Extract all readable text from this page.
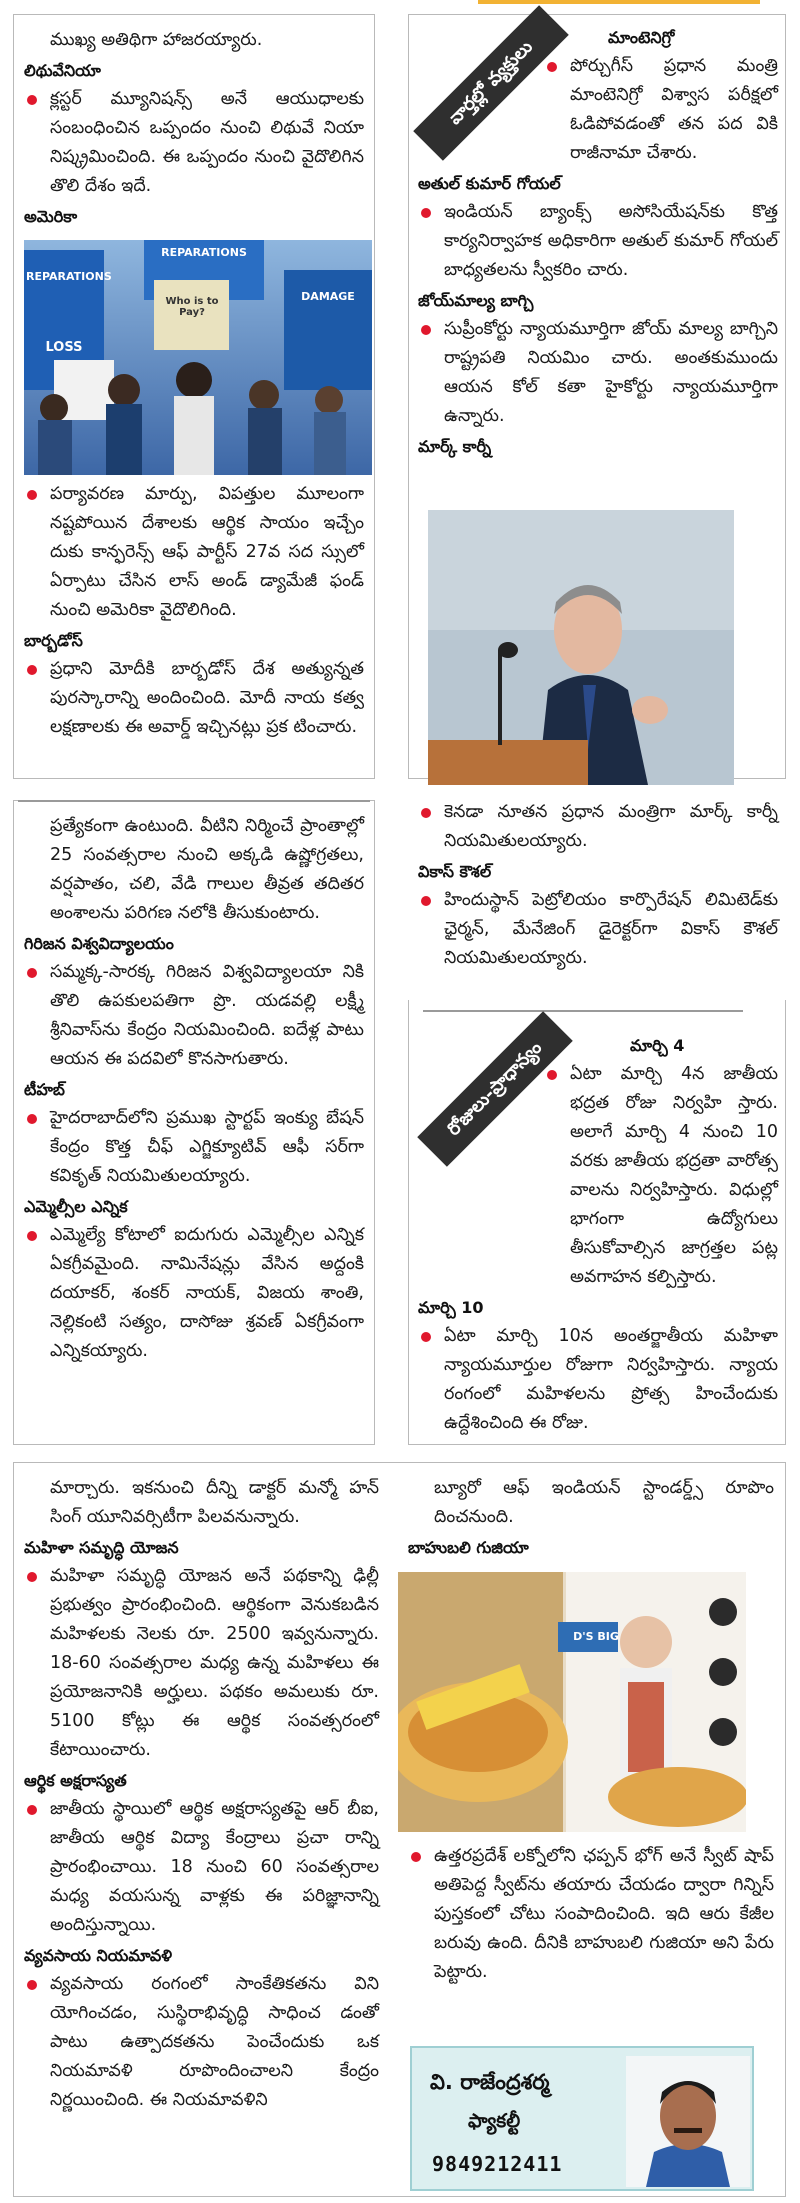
ముఖ్య అతిథిగా హాజరయ్యారు.

లిథువేనియా

క్లస్టర్ మ్యూనిషన్స్ అనే ఆయుధాలకు సంబంధించిన ఒప్పందం నుంచి లిథువే నియా నిష్క్రమించింది. ఈ ఒప్పందం నుంచి వైదొలిగిన తొలి దేశం ఇదే.

అమెరికా
REPARATIONS
LOSS
REPARATIONS
Who is to Pay?
DAMAGE

పర్యావరణ మార్పు, విపత్తుల మూలంగా నష్టపోయిన దేశాలకు ఆర్థిక సాయం ఇచ్చేం దుకు కాన్ఫరెన్స్ ఆఫ్ పార్టీస్ 27వ సద స్సులో ఏర్పాటు చేసిన లాస్ అండ్ డ్యామేజీ ఫండ్ నుంచి అమెరికా వైదొలిగింది.

బార్బడోస్

ప్రధాని మోదీకి బార్బడోస్ దేశ అత్యున్నత పురస్కారాన్ని అందించింది. మోదీ నాయ కత్వ లక్షణాలకు ఈ అవార్డ్ ఇచ్చినట్లు ప్రక టించారు.

వార్తల్లో వ్యక్తులు	మాంటెనిగ్రో

పోర్చుగీస్ ప్రధాన మంత్రి మాంటెనిగ్రో విశ్వాస పరీక్షలో ఓడిపోవడంతో తన పద వికి రాజీనామా చేశారు.

అతుల్ కుమార్ గోయల్

ఇండియన్ బ్యాంక్స్ అసోసియేషన్‌కు కొత్త కార్యనిర్వాహక అధికారిగా అతుల్ కుమార్ గోయల్ బాధ్యతలను స్వీకరిం చారు.

జోయ్‌మాల్య బాగ్చి

సుప్రీంకోర్టు న్యాయమూర్తిగా జోయ్ మాల్య బాగ్చిని రాష్ట్రపతి నియమిం చారు. అంతకుముందు ఆయన కోల్ కతా హైకోర్టు న్యాయమూర్తిగా ఉన్నారు.

మార్క్ కార్నీ

కెనడా నూతన ప్రధాన మంత్రిగా మార్క్ కార్నీ నియమితులయ్యారు.

వికాస్ కౌశల్

హిందుస్థాన్ పెట్రోలియం కార్పొరేషన్ లిమిటెడ్‌కు ఛైర్మన్, మేనేజింగ్ డైరెక్టర్‌గా వికాస్ కౌశల్ నియమితులయ్యారు.

ప్రత్యేకంగా ఉంటుంది. వీటిని నిర్మించే ప్రాంతాల్లో 25 సంవత్సరాల నుంచి అక్కడి ఉష్ణోగ్రతలు, వర్షపాతం, చలి, వేడి గాలుల తీవ్రత తదితర అంశాలను పరిగణ నలోకి తీసుకుంటారు.

గిరిజన విశ్వవిద్యాలయం

సమ్మక్క-సారక్క గిరిజన విశ్వవిద్యాలయా నికి తొలి ఉపకులపతిగా ప్రొ. యడవల్లి లక్ష్మీ శ్రీనివాస్‌ను కేంద్రం నియమించింది. ఐదేళ్ల పాటు ఆయన ఈ పదవిలో కొనసాగుతారు.

టీహబ్

హైదరాబాద్‌లోని ప్రముఖ స్టార్టప్ ఇంక్యు బేషన్ కేంద్రం కొత్త చీఫ్ ఎగ్జిక్యూటివ్ ఆఫీ సర్‌గా కవికృత్ నియమితులయ్యారు.

ఎమ్మెల్సీల ఎన్నిక

ఎమ్మెల్యే కోటాలో ఐదుగురు ఎమ్మెల్సీల ఎన్నిక ఏకగ్రీవమైంది. నామినేషన్లు వేసిన అద్దంకి దయాకర్, శంకర్ నాయక్, విజయ శాంతి, నెల్లికంటి సత్యం, దాసోజు శ్రవణ్ ఏకగ్రీవంగా ఎన్నికయ్యారు.

రోజులు-ప్రాధాన్యం	మార్చి 4

ఏటా మార్చి 4న జాతీయ భద్రత రోజు నిర్వహి స్తారు. అలాగే మార్చి 4 నుంచి 10 వరకు జాతీయ భద్రతా వారోత్స వాలను నిర్వహిస్తారు. విధుల్లో భాగంగా ఉద్యోగులు తీసుకోవాల్సిన జాగ్రత్తల పట్ల అవగాహన కల్పిస్తారు.

మార్చి 10

ఏటా మార్చి 10న అంతర్జాతీయ మహిళా న్యాయమూర్తుల రోజుగా నిర్వహిస్తారు. న్యాయ రంగంలో మహిళలను ప్రోత్స హించేందుకు ఉద్దేశించింది ఈ రోజు.

మార్చారు. ఇకనుంచి దీన్ని డాక్టర్ మన్మో హన్ సింగ్ యూనివర్సిటీగా పిలవనున్నారు.

మహిళా సమృద్ధి యోజన

మహిళా సమృద్ధి యోజన అనే పథకాన్ని ఢిల్లీ ప్రభుత్వం ప్రారంభించింది. ఆర్థికంగా వెనుకబడిన మహిళలకు నెలకు రూ. 2500 ఇవ్వనున్నారు. 18-60 సంవత్సరాల మధ్య ఉన్న మహిళలు ఈ ప్రయోజనానికి అర్హులు. పథకం అమలుకు రూ. 5100 కోట్లు ఈ ఆర్థిక సంవత్సరంలో కేటాయించారు.

ఆర్థిక అక్షరాస్యత

జాతీయ స్థాయిలో ఆర్థిక అక్షరాస్యతపై ఆర్ బీఐ, జాతీయ ఆర్థిక విద్యా కేంద్రాలు ప్రచా రాన్ని ప్రారంభించాయి. 18 నుంచి 60 సంవత్సరాల మధ్య వయసున్న వాళ్లకు ఈ పరిజ్ఞానాన్ని అందిస్తున్నాయి.

వ్యవసాయ నియమావళి

వ్యవసాయ రంగంలో సాంకేతికతను విని యోగించడం, సుస్థిరాభివృద్ధి సాధించ డంతో పాటు ఉత్పాదకతను పెంచేందుకు ఒక నియమావళి రూపొందించాలని కేంద్రం నిర్ణయించింది. ఈ నియమావళిని

బ్యూరో ఆఫ్ ఇండియన్ స్టాండర్డ్స్ రూపొం దించనుంది.

బాహుబలి గుజియా
D'S BIG

ఉత్తరప్రదేశ్ లక్నోలోని ఛప్పన్ భోగ్ అనే స్వీట్ షాప్ అతిపెద్ద స్వీట్‌ను తయారు చేయడం ద్వారా గిన్నిస్ పుస్తకంలో చోటు సంపాదించింది. ఇది ఆరు కేజీల బరువు ఉంది. దీనికి బాహుబలి గుజియా అని పేరు పెట్టారు.

వి. రాజేంద్రశర్మ
ఫ్యాకల్టీ
9849212411
